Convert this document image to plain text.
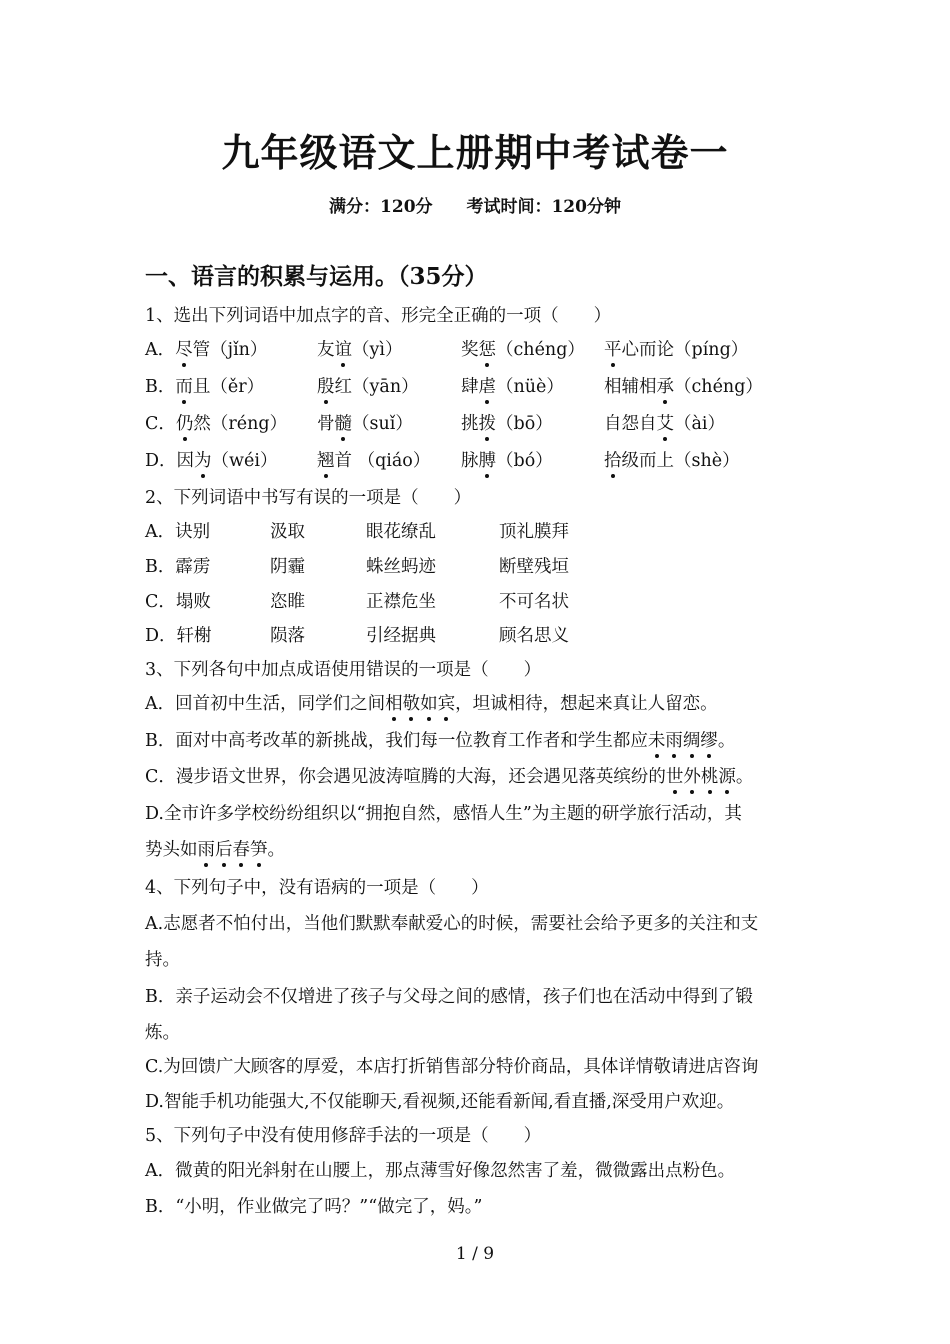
九年级语文上册期中考试卷一
满分：120分 考试时间：120分钟
一、语言的积累与运用。（35分）
1、选出下列词语中加点字的音、形完全正确的一项（　　）
A．尽管（jǐn）	友谊（yì）	奖惩（chéng） 平心而论（píng）
B．而且（ěr）	殷红（yān） 肆虐（nüè） 相辅相承（chéng）
C．仍然（réng） 骨髓（suǐ）	挑拨（bō）	自怨自艾（ài）
D．因为（wéi） 翘首 （qiáo） 脉膊（bó）	拾级而上（shè）
2、下列词语中书写有误的一项是（　　）
A．诀别	汲取	眼花缭乱	顶礼膜拜
B．霹雳	阴霾	蛛丝蚂迹	断壁残垣
C．塌败	恣睢	正襟危坐	不可名状
D．轩榭	陨落	引经据典	顾名思义
3、下列各句中加点成语使用错误的一项是（　　）
A．回首初中生活，同学们之间相敬如宾，坦诚相待，想起来真让人留恋。
B．面对中高考改革的新挑战，我们每一位教育工作者和学生都应未雨绸缪。
C．漫步语文世界，你会遇见波涛喧腾的大海，还会遇见落英缤纷的世外桃源。
D.全市许多学校纷纷组织以“拥抱自然，感悟人生”为主题的研学旅行活动，其
势头如雨后春笋。
4、下列句子中，没有语病的一项是（　　）
A.志愿者不怕付出，当他们默默奉献爱心的时候，需要社会给予更多的关注和支
持。
B．亲子运动会不仅增进了孩子与父母之间的感情，孩子们也在活动中得到了锻
炼。
C.为回馈广大顾客的厚爱，本店打折销售部分特价商品，具体详情敬请进店咨询
D.智能手机功能强大,不仅能聊天,看视频,还能看新闻,看直播,深受用户欢迎。
5、下列句子中没有使用修辞手法的一项是（　　）
A．微黄的阳光斜射在山腰上，那点薄雪好像忽然害了羞，微微露出点粉色。
B．“小明，作业做完了吗？”“做完了，妈。”
1 / 9
